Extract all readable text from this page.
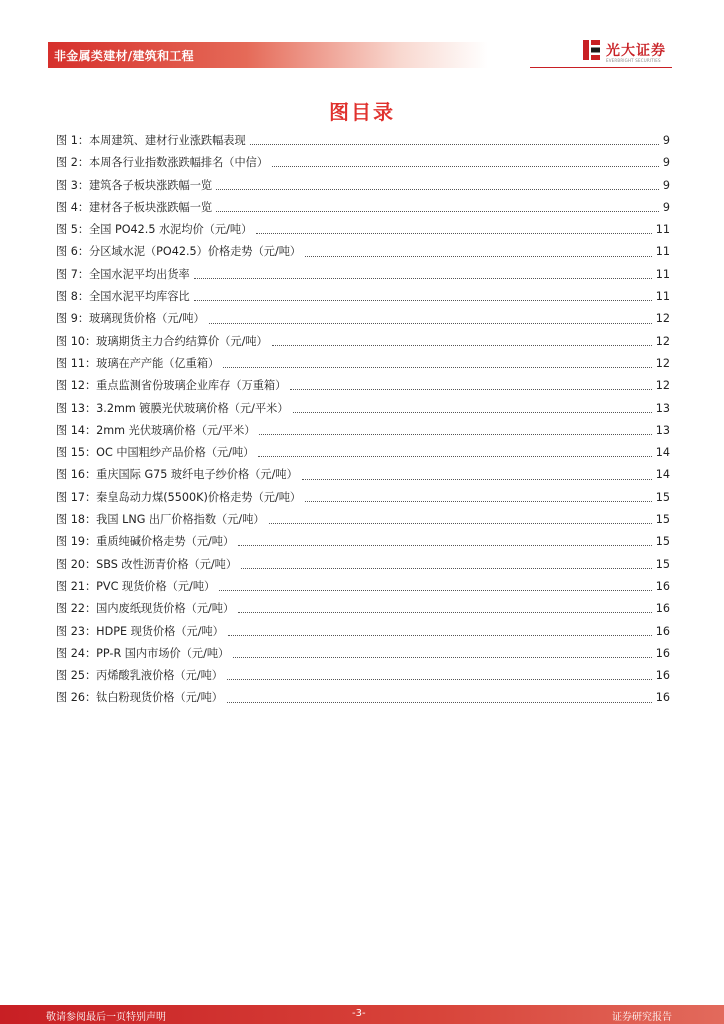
非金属类建材/建筑和工程	光大证券
EVERBRIGHT SECURITIES
图目录
图 1：本周建筑、建材行业涨跌幅表现	9
图 2：本周各行业指数涨跌幅排名（中信）	9
图 3：建筑各子板块涨跌幅一览	9
图 4：建材各子板块涨跌幅一览	9
图 5：全国 PO42.5 水泥均价（元/吨）	11
图 6：分区域水泥（PO42.5）价格走势（元/吨）	11
图 7：全国水泥平均出货率	11
图 8：全国水泥平均库容比	11
图 9：玻璃现货价格（元/吨）	12
图 10：玻璃期货主力合约结算价（元/吨）	12
图 11：玻璃在产产能（亿重箱）	12
图 12：重点监测省份玻璃企业库存（万重箱）	12
图 13：3.2mm 镀膜光伏玻璃价格（元/平米）	13
图 14：2mm 光伏玻璃价格（元/平米）	13
图 15：OC 中国粗纱产品价格（元/吨）	14
图 16：重庆国际 G75 玻纤电子纱价格（元/吨）	14
图 17：秦皇岛动力煤(5500K)价格走势（元/吨）	15
图 18：我国 LNG 出厂价格指数（元/吨）	15
图 19：重质纯碱价格走势（元/吨）	15
图 20：SBS 改性沥青价格（元/吨）	15
图 21：PVC 现货价格（元/吨）	16
图 22：国内废纸现货价格（元/吨）	16
图 23：HDPE 现货价格（元/吨）	16
图 24：PP-R 国内市场价（元/吨）	16
图 25：丙烯酸乳液价格（元/吨）	16
图 26：钛白粉现货价格（元/吨）	16
敬请参阅最后一页特别声明	-3-	证券研究报告
